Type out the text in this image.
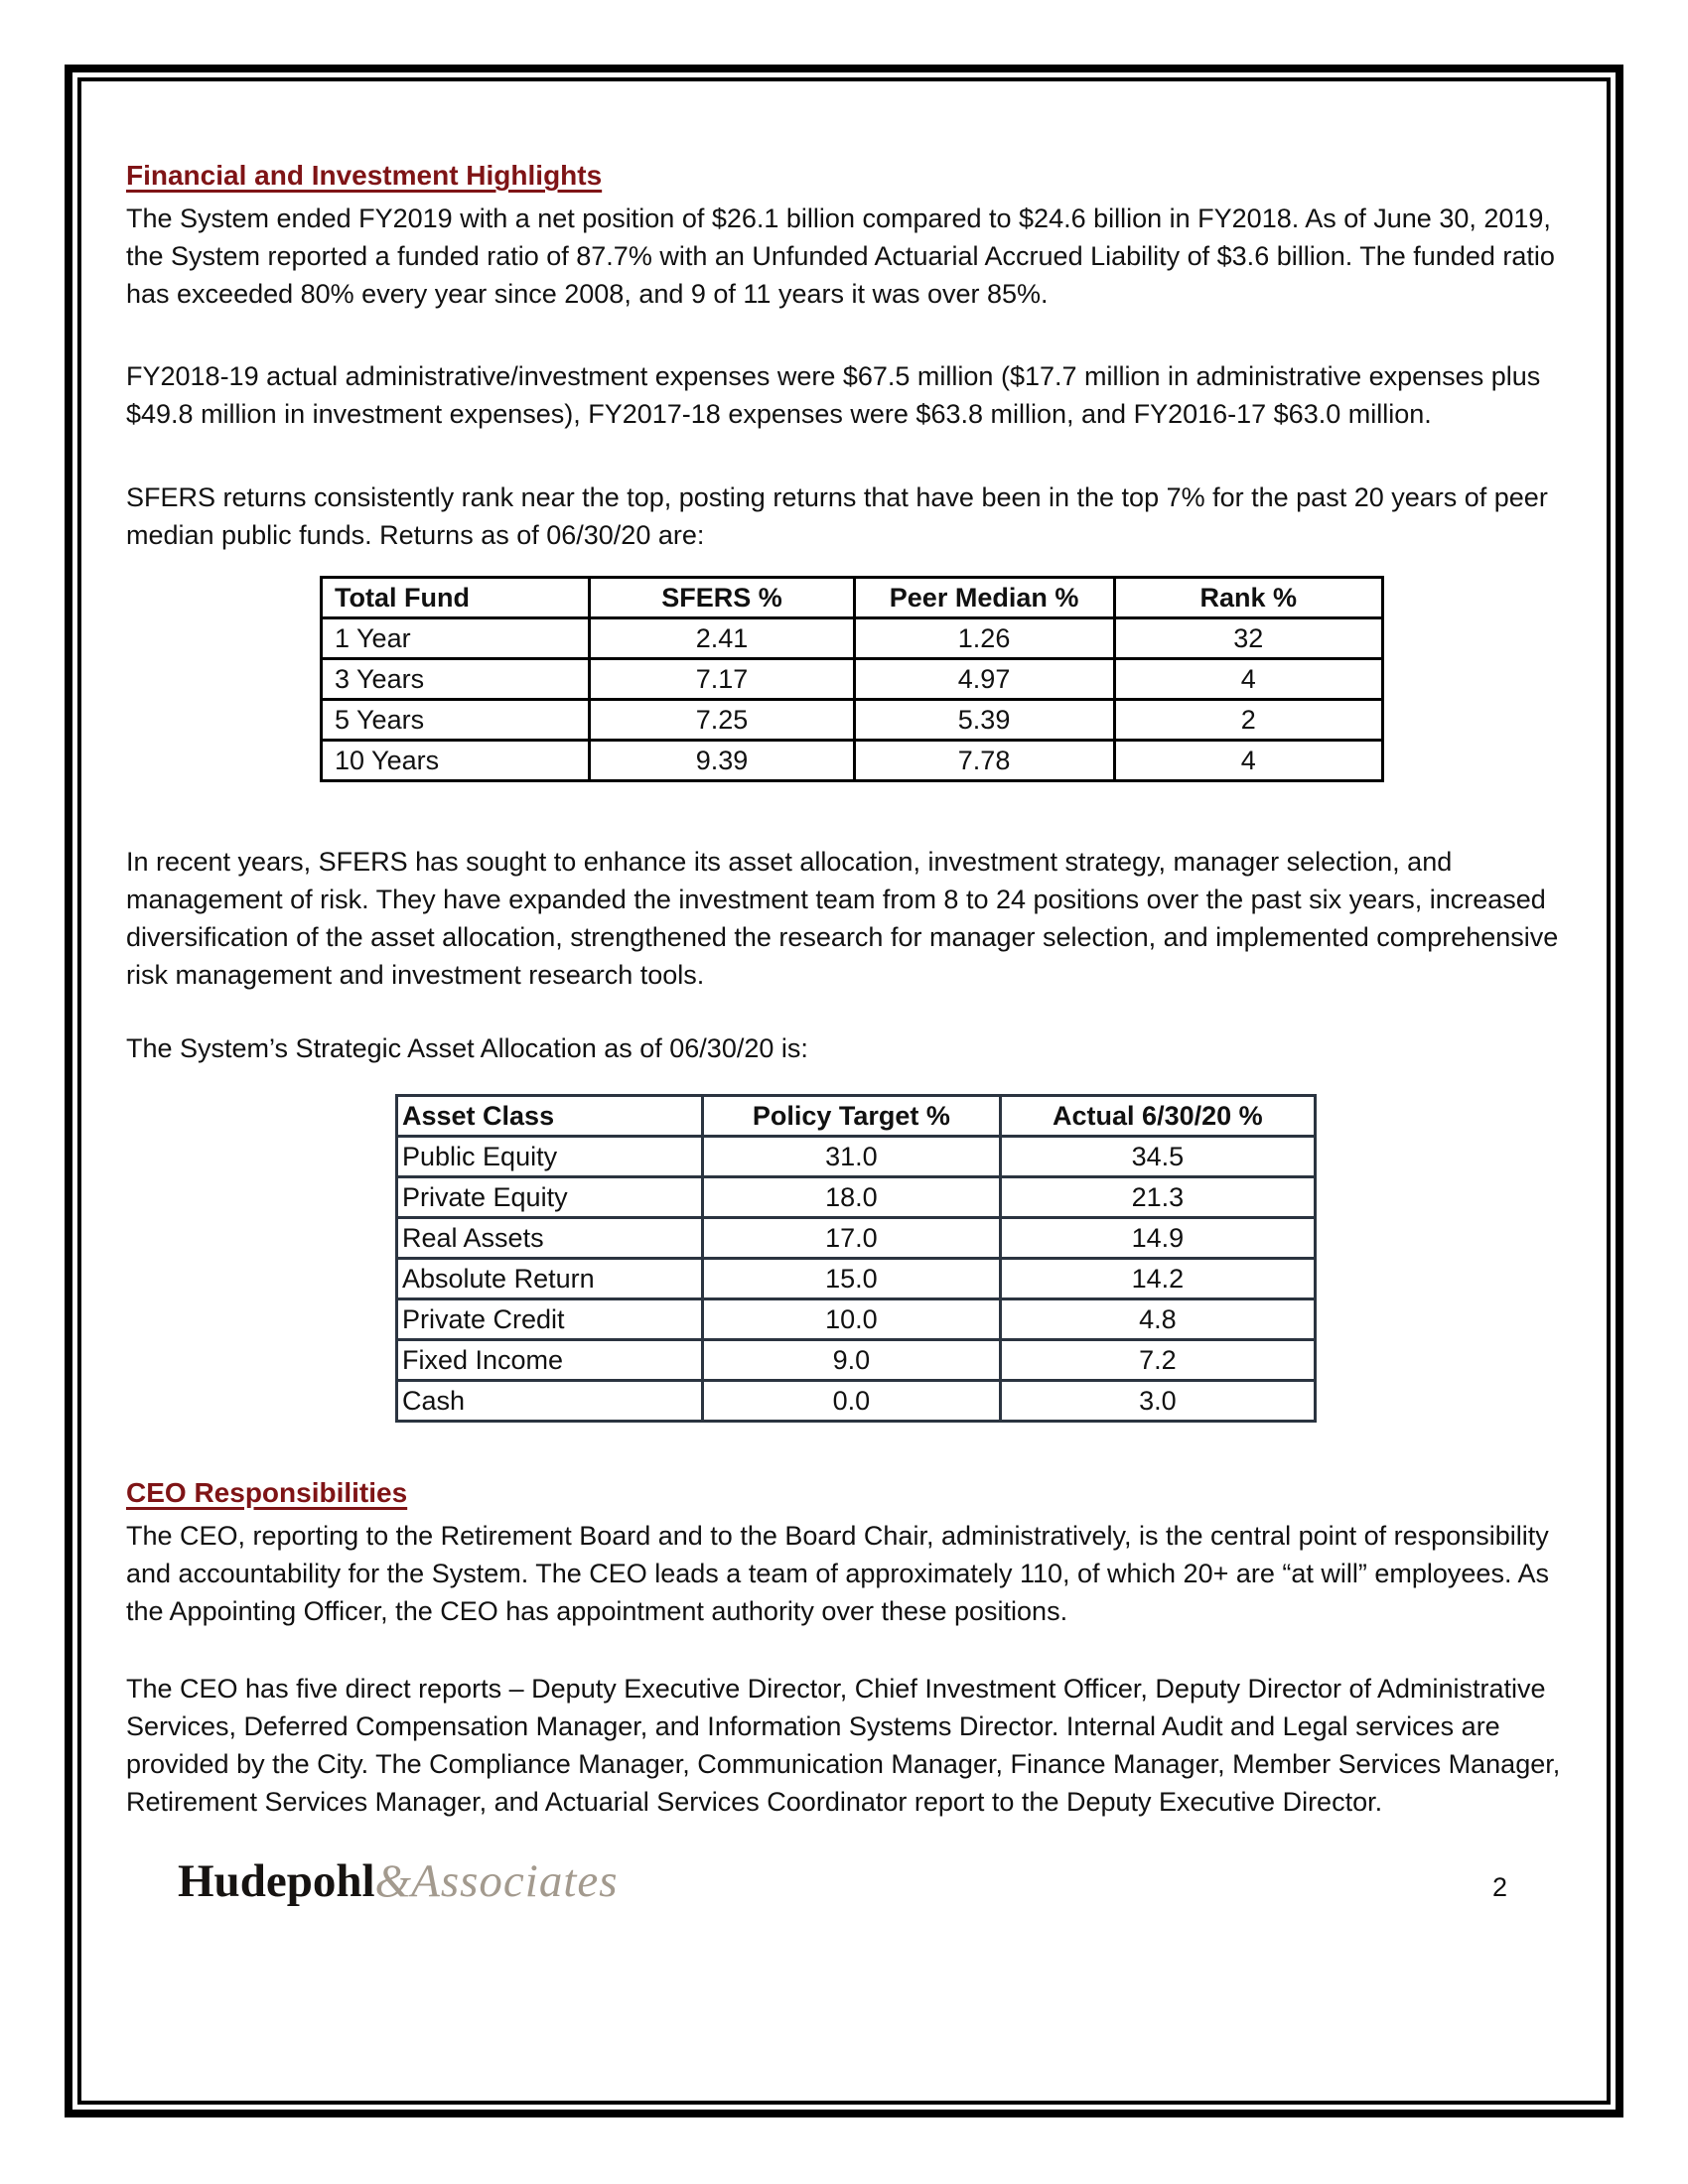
Financial and Investment Highlights

The System ended FY2019 with a net position of $26.1 billion compared to $24.6 billion in FY2018. As of June 30, 2019, the System reported a funded ratio of 87.7% with an Unfunded Actuarial Accrued Liability of $3.6 billion. The funded ratio has exceeded 80% every year since 2008, and 9 of 11 years it was over 85%.

FY2018-19 actual administrative/investment expenses were $67.5 million ($17.7 million in administrative expenses plus $49.8 million in investment expenses), FY2017-18 expenses were $63.8 million, and FY2016-17 $63.0 million.

SFERS returns consistently rank near the top, posting returns that have been in the top 7% for the past 20 years of peer median public funds. Returns as of 06/30/20 are:

Total Fund	SFERS %	Peer Median %	Rank %
1 Year	2.41	1.26	32
3 Years	7.17	4.97	4
5 Years	7.25	5.39	2
10 Years	9.39	7.78	4

In recent years, SFERS has sought to enhance its asset allocation, investment strategy, manager selection, and management of risk. They have expanded the investment team from 8 to 24 positions over the past six years, increased diversification of the asset allocation, strengthened the research for manager selection, and implemented comprehensive risk management and investment research tools.

The System’s Strategic Asset Allocation as of 06/30/20 is:

Asset Class	Policy Target %	Actual 6/30/20 %
Public Equity	31.0	34.5
Private Equity	18.0	21.3
Real Assets	17.0	14.9
Absolute Return	15.0	14.2
Private Credit	10.0	4.8
Fixed Income	9.0	7.2
Cash	0.0	3.0
CEO Responsibilities

The CEO, reporting to the Retirement Board and to the Board Chair, administratively, is the central point of responsibility and accountability for the System. The CEO leads a team of approximately 110, of which 20+ are “at will” employees. As the Appointing Officer, the CEO has appointment authority over these positions.

The CEO has five direct reports – Deputy Executive Director, Chief Investment Officer, Deputy Director of Administrative Services, Deferred Compensation Manager, and Information Systems Director. Internal Audit and Legal services are provided by the City. The Compliance Manager, Communication Manager, Finance Manager, Member Services Manager, Retirement Services Manager, and Actuarial Services Coordinator report to the Deputy Executive Director.

Hudepohl&Associates	2
